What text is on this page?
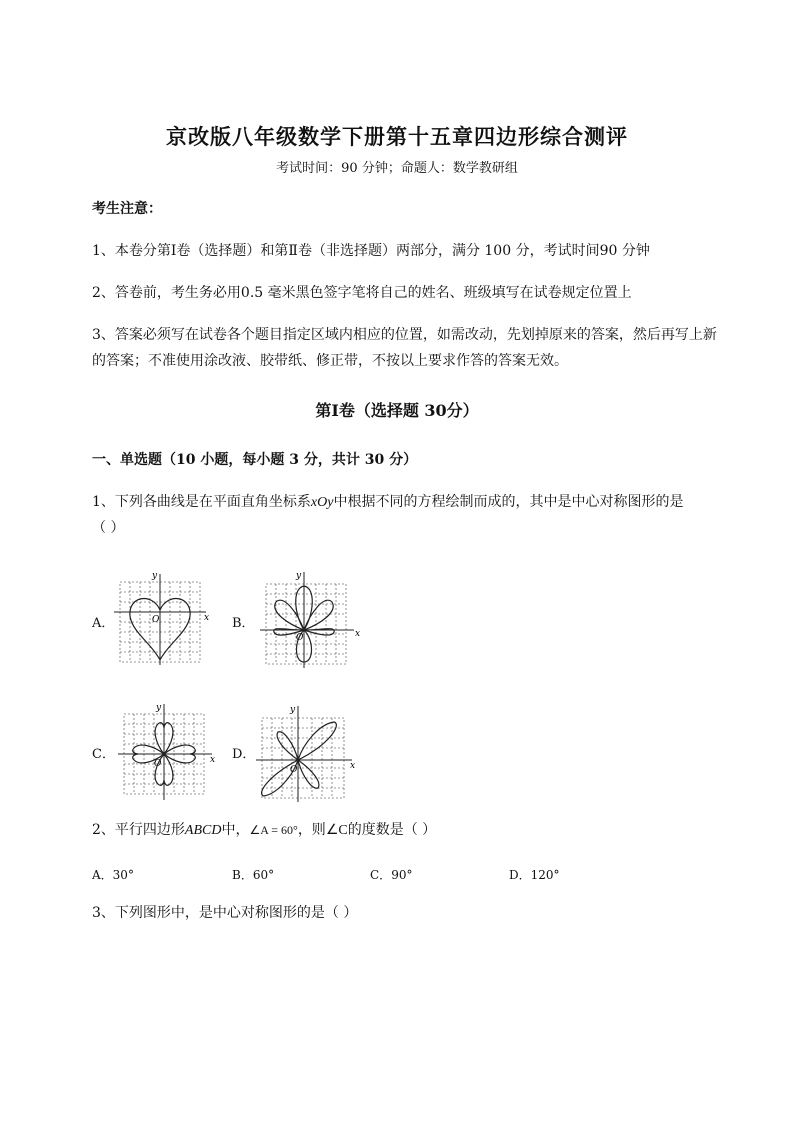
京改版八年级数学下册第十五章四边形综合测评
考试时间：90 分钟；命题人：数学教研组
考生注意：
1、本卷分第Ⅰ卷（选择题）和第Ⅱ卷（非选择题）两部分，满分 100 分，考试时间90 分钟
2、答卷前，考生务必用0.5 毫米黑色签字笔将自己的姓名、班级填写在试卷规定位置上
3、答案必须写在试卷各个题目指定区域内相应的位置，如需改动，先划掉原来的答案，然后再写上新
的答案；不准使用涂改液、胶带纸、修正带，不按以上要求作答的答案无效。
第Ⅰ卷（选择题 30分）
一、单选题（10 小题，每小题 3 分，共计 30 分）
1、下列各曲线是在平面直角坐标系xOy中根据不同的方程绘制而成的，其中是中心对称图形的是
（ ）
A．	B．
C．	D．
x
y
O
x
y
O
x
y
O	x
y
O
2、平行四边形ABCD中，∠A = 60°，则∠C的度数是（ ）
A．30°	B．60°	C．90°	D．120°
3、下列图形中，是中心对称图形的是（ ）
